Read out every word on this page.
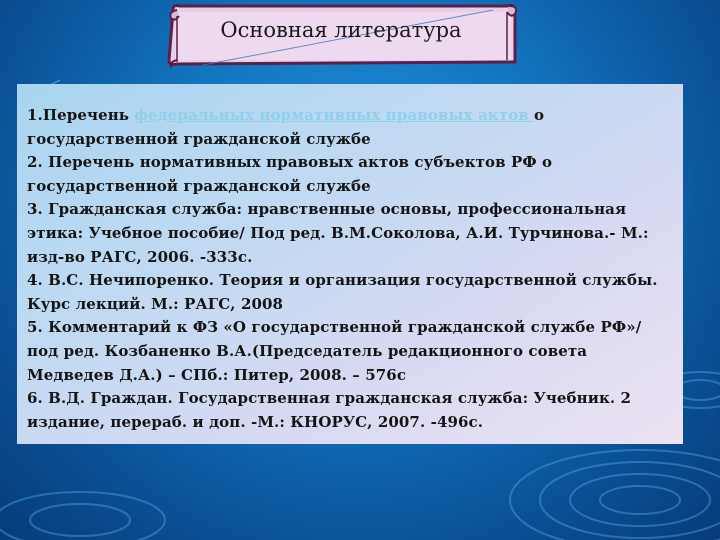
Основная литература
1.Перечень федеральных нормативных правовых актов о государственной гражданской службе
2. Перечень нормативных правовых актов субъектов РФ о государственной гражданской службе
3. Гражданская служба: нравственные основы, профессиональная этика: Учебное пособие/ Под ред. В.М.Соколова, А.И. Турчинова.- М.: изд-во РАГС, 2006. -333с.
4. В.С. Нечипоренко. Теория и организация государственной службы. Курс лекций. М.: РАГС, 2008
5. Комментарий к ФЗ «О государственной гражданской службе РФ»/ под ред. Козбаненко В.А.(Председатель редакционного совета Медведев Д.А.) – СПб.: Питер, 2008. – 576с
6. В.Д. Граждан. Государственная гражданская служба: Учебник. 2 издание, перераб. и доп. -М.: КНОРУС, 2007. -496с.
